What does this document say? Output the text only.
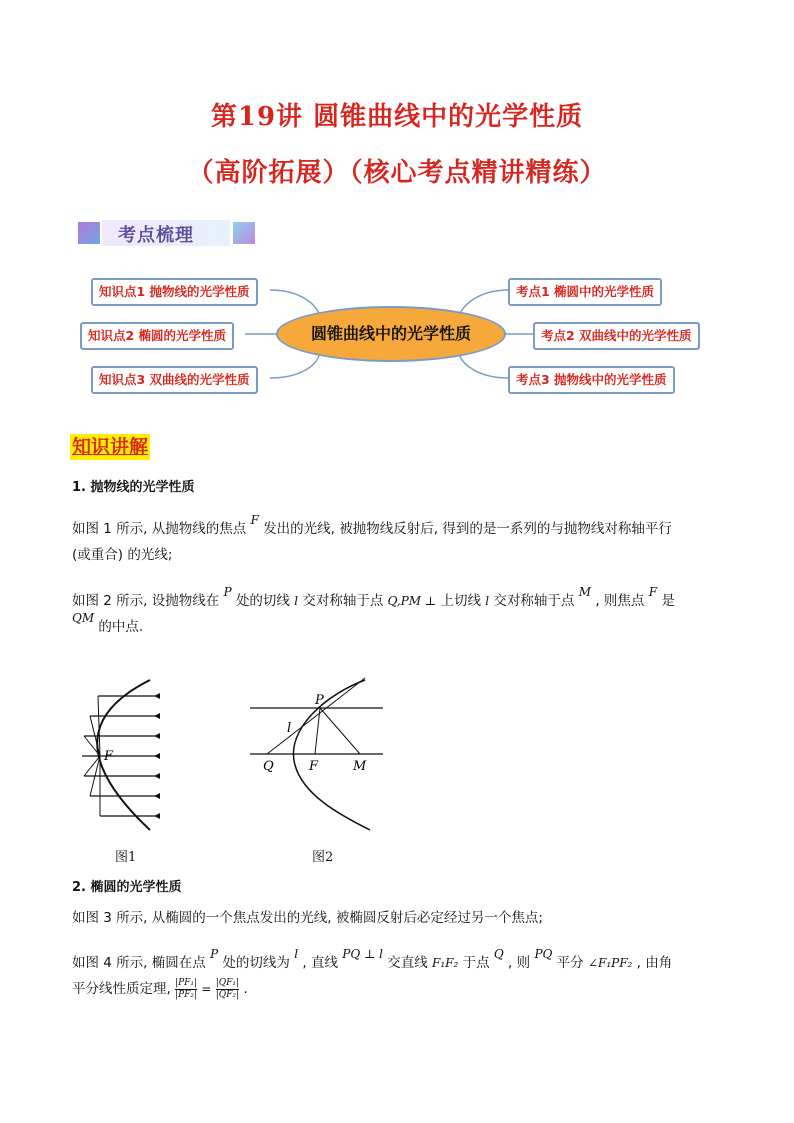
第19讲 圆锥曲线中的光学性质
（高阶拓展）（核心考点精讲精练）
考点梳理
知识点1 抛物线的光学性质
知识点2 椭圆的光学性质
知识点3 双曲线的光学性质
圆锥曲线中的光学性质
考点1 椭圆中的光学性质
考点2 双曲线中的光学性质
考点3 抛物线中的光学性质
知识讲解
1. 抛物线的光学性质
如图 1 所示, 从抛物线的焦点 F 发出的光线, 被抛物线反射后, 得到的是一系列的与抛物线对称轴平行
(或重合) 的光线;
如图 2 所示, 设抛物线在 P 处的切线 l 交对称轴于点 Q,PM ⊥ 上切线 l 交对称轴于点 M , 则焦点 F 是
QM 的中点.
F
图1
P
l
Q	F	M
图2
2. 椭圆的光学性质
如图 3 所示, 从椭圆的一个焦点发出的光线, 被椭圆反射后必定经过另一个焦点;
如图 4 所示, 椭圆在点 P 处的切线为 l , 直线 PQ ⊥ l 交直线 F₁F₂ 于点 Q , 则 PQ 平分 ∠F₁PF₂ , 由角
平分线性质定理, $\frac{\text{|PF₁|}}{\text{|PF₂|}} = \frac{\text{|QF₁|}}{\text{|QF₂|}}$ .
